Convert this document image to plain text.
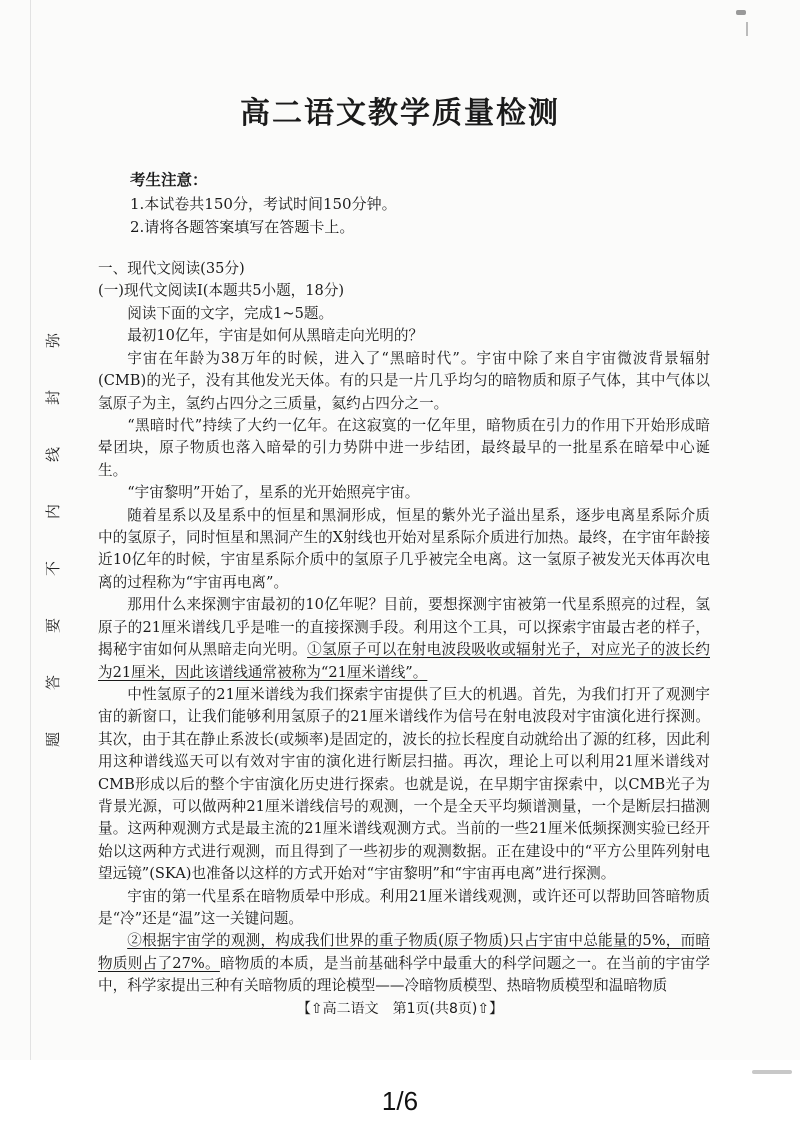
弥
封
线
内
不
要
答
题
高二语文教学质量检测
考生注意：
1.本试卷共150分，考试时间150分钟。
2.请将各题答案填写在答题卡上。
一、现代文阅读(35分)
(一)现代文阅读Ⅰ(本题共5小题，18分)

阅读下面的文字，完成1~5题。

最初10亿年，宇宙是如何从黑暗走向光明的？

宇宙在年龄为38万年的时候，进入了“黑暗时代”。宇宙中除了来自宇宙微波背景辐射(CMB)的光子，没有其他发光天体。有的只是一片几乎均匀的暗物质和原子气体，其中气体以氢原子为主，氢约占四分之三质量，氦约占四分之一。

“黑暗时代”持续了大约一亿年。在这寂寞的一亿年里，暗物质在引力的作用下开始形成暗晕团块，原子物质也落入暗晕的引力势阱中进一步结团，最终最早的一批星系在暗晕中心诞生。

“宇宙黎明”开始了，星系的光开始照亮宇宙。

随着星系以及星系中的恒星和黑洞形成，恒星的紫外光子溢出星系，逐步电离星系际介质中的氢原子，同时恒星和黑洞产生的X射线也开始对星系际介质进行加热。最终，在宇宙年龄接近10亿年的时候，宇宙星系际介质中的氢原子几乎被完全电离。这一氢原子被发光天体再次电离的过程称为“宇宙再电离”。

那用什么来探测宇宙最初的10亿年呢？目前，要想探测宇宙被第一代星系照亮的过程，氢原子的21厘米谱线几乎是唯一的直接探测手段。利用这个工具，可以探索宇宙最古老的样子，揭秘宇宙如何从黑暗走向光明。①氢原子可以在射电波段吸收或辐射光子，对应光子的波长约为21厘米，因此该谱线通常被称为“21厘米谱线”。

中性氢原子的21厘米谱线为我们探索宇宙提供了巨大的机遇。首先，为我们打开了观测宇宙的新窗口，让我们能够利用氢原子的21厘米谱线作为信号在射电波段对宇宙演化进行探测。其次，由于其在静止系波长(或频率)是固定的，波长的拉长程度自动就给出了源的红移，因此利用这种谱线巡天可以有效对宇宙的演化进行断层扫描。再次，理论上可以利用21厘米谱线对CMB形成以后的整个宇宙演化历史进行探索。也就是说，在早期宇宙探索中，以CMB光子为背景光源，可以做两种21厘米谱线信号的观测，一个是全天平均频谱测量，一个是断层扫描测量。这两种观测方式是最主流的21厘米谱线观测方式。当前的一些21厘米低频探测实验已经开始以这两种方式进行观测，而且得到了一些初步的观测数据。正在建设中的“平方公里阵列射电望远镜”(SKA)也准备以这样的方式开始对“宇宙黎明”和“宇宙再电离”进行探测。

宇宙的第一代星系在暗物质晕中形成。利用21厘米谱线观测，或许还可以帮助回答暗物质是“冷”还是“温”这一关键问题。

②根据宇宙学的观测，构成我们世界的重子物质(原子物质)只占宇宙中总能量的5%，而暗物质则占了27%。暗物质的本质，是当前基础科学中最重大的科学问题之一。在当前的宇宙学中，科学家提出三种有关暗物质的理论模型——冷暗物质模型、热暗物质模型和温暗物质

【⇧高二语文　第1页(共8页)⇧】
1/6
